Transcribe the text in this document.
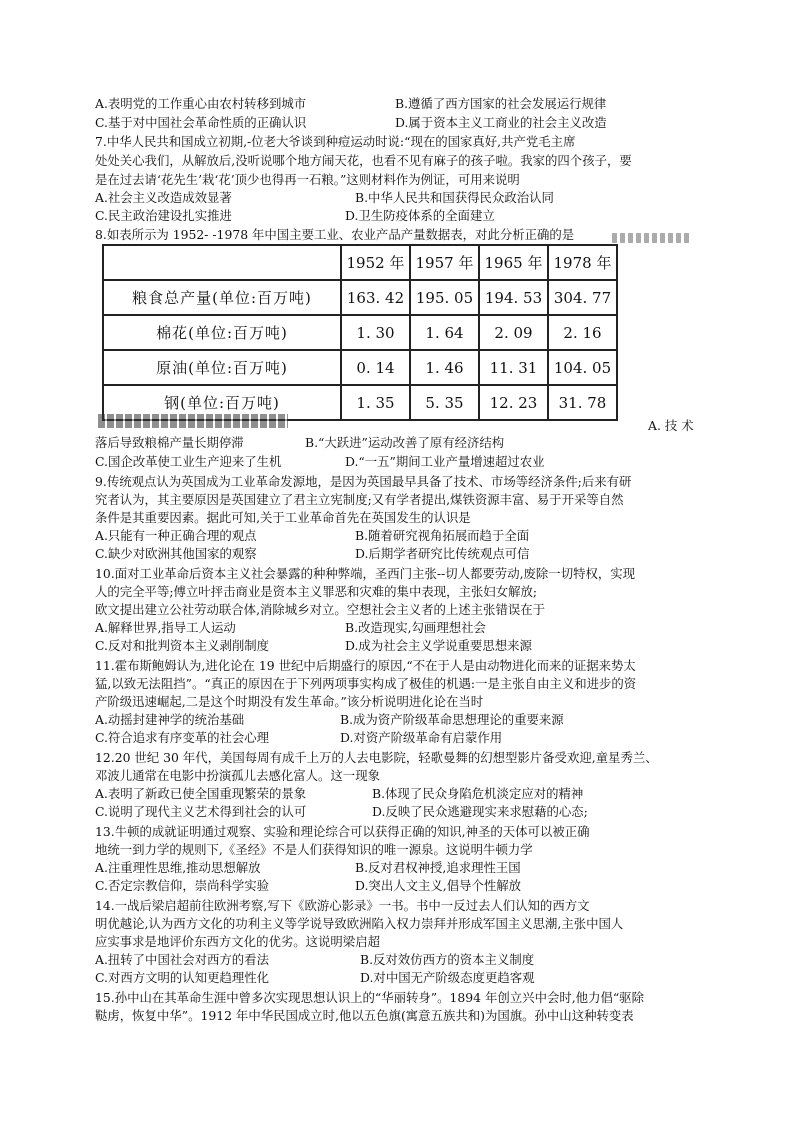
A.表明党的工作重心由农村转移到城市	B.遵循了西方国家的社会发展运行规律
C.基于对中国社会革命性质的正确认识	D.属于资本主义工商业的社会主义改造
7.中华人民共和国成立初期,-位老大爷谈到种痘运动时说:“现在的国家真好,共产党毛主席
处处关心我们，从解放后,没听说哪个地方闹天花，也看不见有麻子的孩子啦。我家的四个孩子，要
是在过去请‘花先生’栽‘花’顶少也得再一石粮。”这则材料作为例证，可用来说明
A.社会主义改造成效显著	B.中华人民共和国获得民众政治认同
C.民主政治建设扎实推进	D.卫生防疫体系的全面建立
8.如表所示为 1952- -1978 年中国主要工业、农业产品产量数据表，对此分析正确的是
	1952 年	1957 年	1965 年	1978 年
粮食总产量(单位:百万吨)	163. 42	195. 05	194. 53	304. 77
棉花(单位:百万吨)	1. 30	1. 64	2. 09	2. 16
原油(单位:百万吨)	0. 14	1. 46	11. 31	104. 05
钢(单位:百万吨)	1. 35	5. 35	12. 23	31. 78
A. 技 术
落后导致粮棉产量长期停滞	B.“大跃进”运动改善了原有经济结构
C.国企改革使工业生产迎来了生机	D.“一五”期间工业产量增速超过农业
9.传统观点认为英国成为工业革命发源地，是因为英国最早具备了技术、市场等经济条件;后来有研
究者认为，其主要原因是英国建立了君主立宪制度;又有学者提出,煤铁资源丰富、易于开采等自然
条件是其重要因素。据此可知,关于工业革命首先在英国发生的认识是
A.只能有一种正确合理的观点	B.随着研究视角拓展而趋于全面
C.缺少对欧洲其他国家的观察	D.后期学者研究比传统观点可信
10.面对工业革命后资本主义社会暴露的种种弊端，圣西门主张--切人都要劳动,废除一切特权，实现
人的完全平等;傅立叶抨击商业是资本主义罪恶和灾难的集中表现，主张妇女解放;
欧文提出建立公社劳动联合体,消除城乡对立。空想社会主义者的上述主张错误在于
A.解释世界,指导工人运动	B.改造现实,勾画理想社会
C.反对和批判资本主义剥削制度	D.成为社会主义学说重要思想来源
11.霍布斯鲍姆认为,进化论在 19 世纪中后期盛行的原因,“不在于人是由动物进化而来的证据来势太
猛,以致无法阻挡”。“真正的原因在于下列两项事实构成了极佳的机遇:一是主张自由主义和进步的资
产阶级迅速崛起,二是这个时期没有发生革命。”该分析说明进化论在当时
A.动摇封建神学的统治基础	B.成为资产阶级革命思想理论的重要来源
C.符合追求有序变革的社会心理	D.对资产阶级革命有启蒙作用
12.20 世纪 30 年代，美国每周有成千上万的人去电影院，轻歌曼舞的幻想型影片备受欢迎,童星秀兰、
邓波儿通常在电影中扮演孤儿去感化富人。这一现象
A.表明了新政已使全国重现繁荣的景象	B.体现了民众身陷危机淡定应对的精神
C.说明了现代主义艺术得到社会的认可	D.反映了民众逃避现实来求慰藉的心态;
13.牛顿的成就证明通过观察、实验和理论综合可以获得正确的知识,神圣的天体可以被正确
地统一到力学的规则下,《圣经》不是人们获得知识的唯一源泉。这说明牛顿力学
A.注重理性思维,推动思想解放	B.反对君权神授,追求理性王国
C.否定宗教信仰，崇尚科学实验	D.突出人文主义,倡导个性解放
14.一战后梁启超前往欧洲考察,写下《欧游心影录》一书。书中一反过去人们认知的西方文
明优越论,认为西方文化的功利主义等学说导致欧洲陷入权力崇拜并形成军国主义思潮,主张中国人
应实事求是地评价东西方文化的优劣。这说明梁启超
A.扭转了中国社会对西方的看法	B.反对效仿西方的资本主义制度
C.对西方文明的认知更趋理性化	D.对中国无产阶级态度更趋客观
15.孙中山在其革命生涯中曾多次实现思想认识上的“华丽转身”。1894 年创立兴中会时,他力倡“驱除
鞑虏，恢复中华”。1912 年中华民国成立时,他以五色旗(寓意五族共和)为国旗。孙中山这种转变表
